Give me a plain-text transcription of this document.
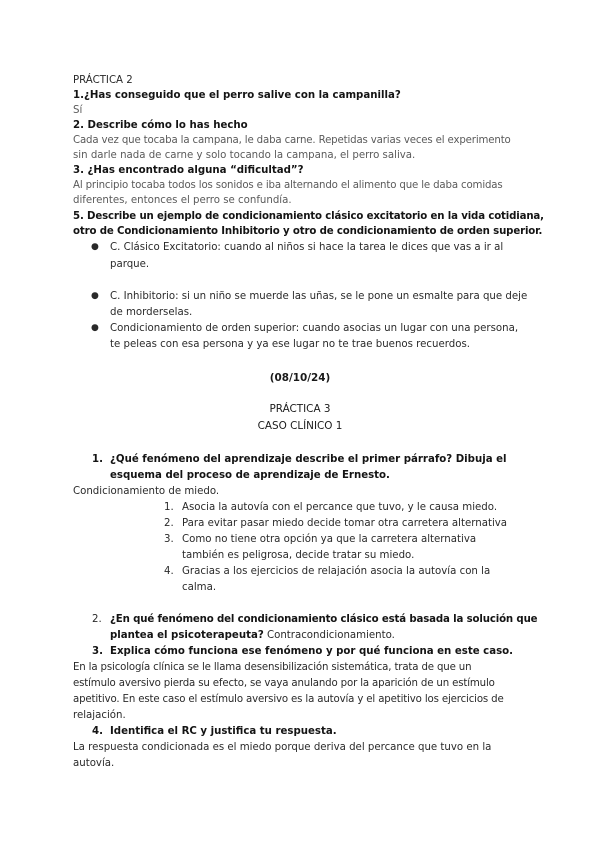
PRÁCTICA 2
1.¿Has conseguido que el perro salive con la campanilla?
Sí
2. Describe cómo lo has hecho
Cada vez que tocaba la campana, le daba carne. Repetidas varias veces el experimento
sin darle nada de carne y solo tocando la campana, el perro saliva.
3. ¿Has encontrado alguna “dificultad”?
Al principio tocaba todos los sonidos e iba alternando el alimento que le daba comidas
diferentes, entonces el perro se confundía.
5. Describe un ejemplo de condicionamiento clásico excitatorio en la vida cotidiana,
otro de Condicionamiento Inhibitorio y otro de condicionamiento de orden superior.
● C. Clásico Excitatorio: cuando al niños si hace la tarea le dices que vas a ir al
parque.
● C. Inhibitorio: si un niño se muerde las uñas, se le pone un esmalte para que deje
de morderselas.
● Condicionamiento de orden superior: cuando asocias un lugar con una persona,
te peleas con esa persona y ya ese lugar no te trae buenos recuerdos.
(08/10/24)
PRÁCTICA 3
CASO CLÍNICO 1
1. ¿Qué fenómeno del aprendizaje describe el primer párrafo? Dibuja el
esquema del proceso de aprendizaje de Ernesto.
Condicionamiento de miedo.
1. Asocia la autovía con el percance que tuvo, y le causa miedo.
2. Para evitar pasar miedo decide tomar otra carretera alternativa
3. Como no tiene otra opción ya que la carretera alternativa
también es peligrosa, decide tratar su miedo.
4. Gracias a los ejercicios de relajación asocia la autovía con la
calma.
2. ¿En qué fenómeno del condicionamiento clásico está basada la solución que
plantea el psicoterapeuta? Contracondicionamiento.
3. Explica cómo funciona ese fenómeno y por qué funciona en este caso.
En la psicología clínica se le llama desensibilización sistemática, trata de que un
estímulo aversivo pierda su efecto, se vaya anulando por la aparición de un estímulo
apetitivo. En este caso el estímulo aversivo es la autovía y el apetitivo los ejercicios de
relajación.
4. Identifica el RC y justifica tu respuesta.
La respuesta condicionada es el miedo porque deriva del percance que tuvo en la
autovía.
